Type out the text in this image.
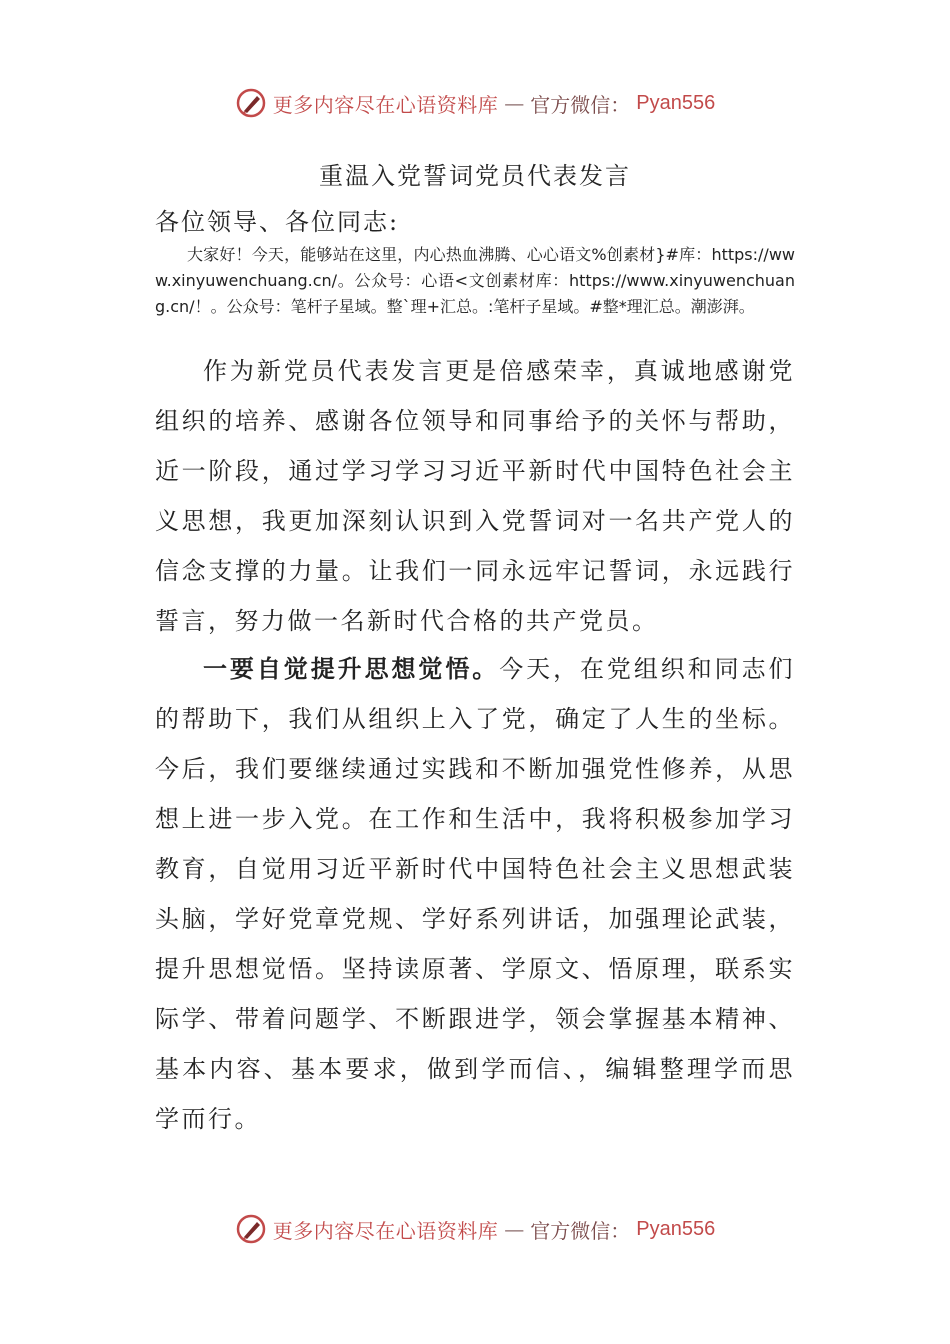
更多内容尽在心语资料库 — 官方微信： Pyan556
重温入党誓词党员代表发言
各位领导、各位同志:
大家好！今天，能够站在这里，内心热血沸腾、心心语文%创素材}#库：https://www.xinyuwenchuang.cn/。公众号：心语<文创素材库：https://www.xinyuwenchuang.cn/！。公众号：笔杆子星域。整`理+汇总。:笔杆子星域。#整*理汇总。潮澎湃。

作为新党员代表发言更是倍感荣幸，真诚地感谢党组织的培养、感谢各位领导和同事给予的关怀与帮助，近一阶段，通过学习学习习近平新时代中国特色社会主义思想，我更加深刻认识到入党誓词对一名共产党人的信念支撑的力量。让我们一同永远牢记誓词，永远践行誓言，努力做一名新时代合格的共产党员。

一要自觉提升思想觉悟。今天，在党组织和同志们的帮助下，我们从组织上入了党，确定了人生的坐标。今后，我们要继续通过实践和不断加强党性修养，从思想上进一步入党。在工作和生活中，我将积极参加学习教育，自觉用习近平新时代中国特色社会主义思想武装头脑，学好党章党规、学好系列讲话，加强理论武装，提升思想觉悟。坚持读原著、学原文、悟原理，联系实际学、带着问题学、不断跟进学，领会掌握基本精神、基本内容、基本要求，做到学而信、，编辑整理学而思学而行。

更多内容尽在心语资料库 — 官方微信： Pyan556
